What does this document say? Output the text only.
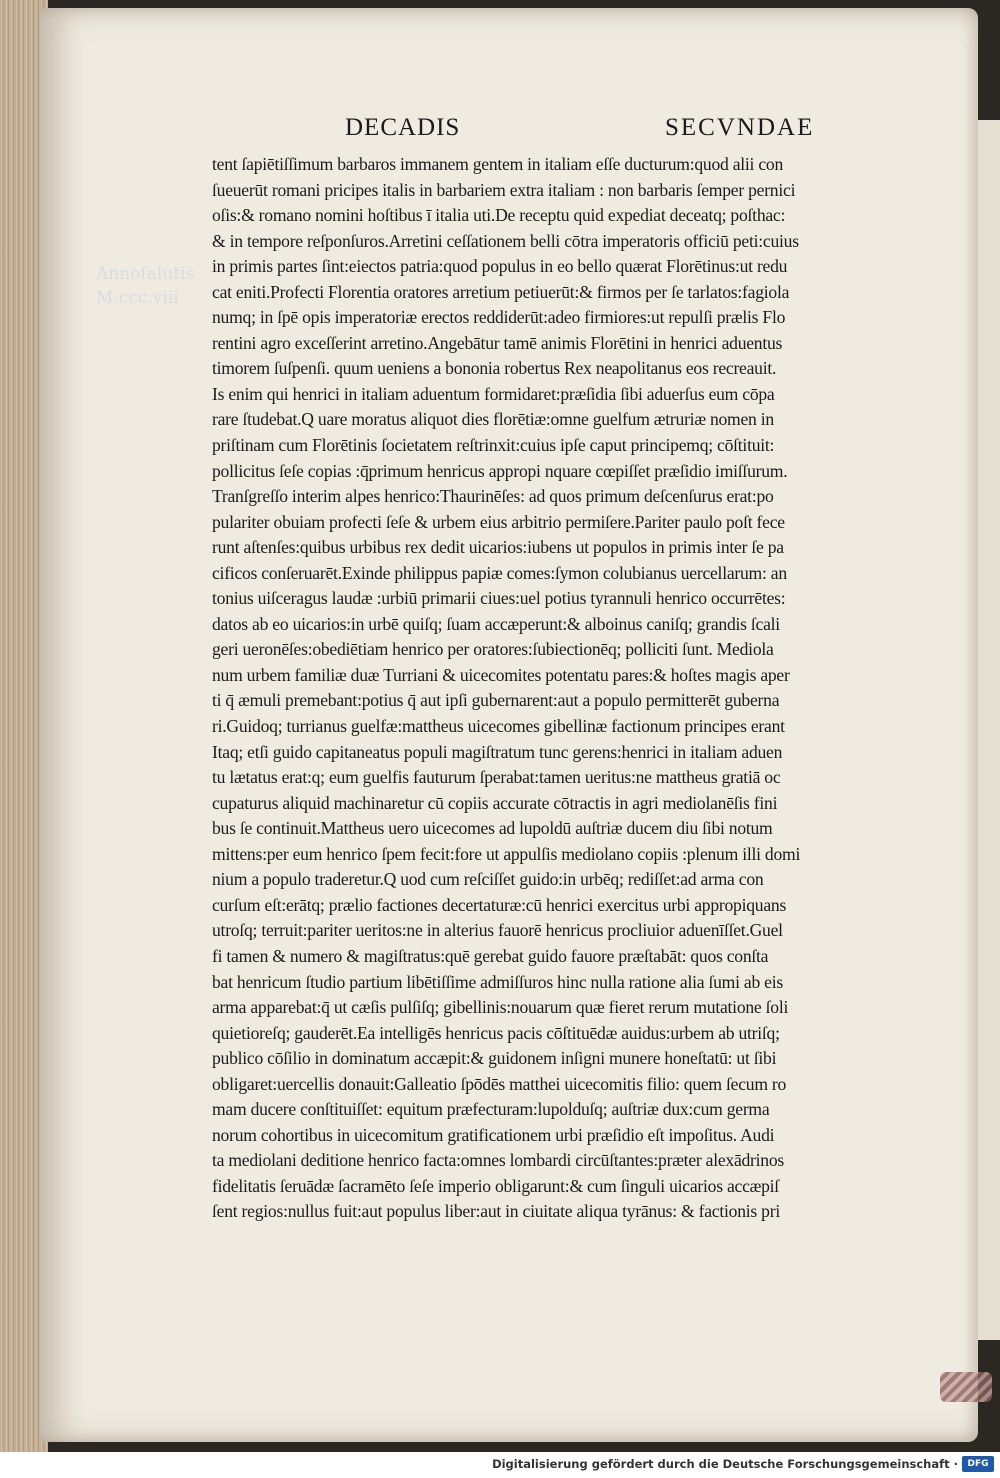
Annoſalutis
M.ccc.viii
DECADIS	SECVNDAE
tent ſapiētiſſimum barbaros immanem gentem in italiam eſſe ducturum:quod alii con
ſueuerūt romani pricipes italis in barbariem extra italiam : non barbaris ſemper pernici
oſis:& romano nomini hoſtibus ī italia uti.De receptu quid expediat deceatq; poſthac:
& in tempore reſponſuros.Arretini ceſſationem belli cōtra imperatoris officiū peti:cuius
in primis partes ſint:eiectos patria:quod populus in eo bello quærat Florētinus:ut redu
cat eniti.Profecti Florentia oratores arretium petiuerūt:& firmos per ſe tarlatos:fagiola
numq; in ſpē opis imperatoriæ erectos reddiderūt:adeo firmiores:ut repulſi prælis Flo
rentini agro exceſſerint arretino.Angebātur tamē animis Florētini in henrici aduentus
timorem ſuſpenſi. quum ueniens a bononia robertus Rex neapolitanus eos recreauit.
Is enim qui henrici in italiam aduentum formidaret:præſidia ſibi aduerſus eum cōpa
rare ſtudebat.Q uare moratus aliquot dies florētiæ:omne guelfum ætruriæ nomen in
priſtinam cum Florētinis ſocietatem reſtrinxit:cuius ipſe caput principemq; cōſtituit:
pollicitus ſeſe copias :q̄primum henricus appropi nquare cœpiſſet præſidio imiſſurum.
Tranſgreſſo interim alpes henrico:Thaurinēſes: ad quos primum deſcenſurus erat:po
pulariter obuiam profecti ſeſe & urbem eius arbitrio permiſere.Pariter paulo poſt fece
runt aſtenſes:quibus urbibus rex dedit uicarios:iubens ut populos in primis inter ſe pa
cificos conſeruarēt.Exinde philippus papiæ comes:ſymon colubianus uercellarum: an
tonius uiſceragus laudæ :urbiū primarii ciues:uel potius tyrannuli henrico occurrētes:
datos ab eo uicarios:in urbē quiſq; ſuam accæperunt:& alboinus caniſq; grandis ſcali
geri ueronēſes:obediētiam henrico per oratores:ſubiectionēq; polliciti ſunt. Mediola
num urbem familiæ duæ Turriani & uicecomites potentatu pares:& hoſtes magis aper
ti q̄ æmuli premebant:potius q̄ aut ipſi gubernarent:aut a populo permitterēt guberna
ri.Guidoq; turrianus guelfæ:mattheus uicecomes gibellinæ factionum principes erant
Itaq; etſi guido capitaneatus populi magiſtratum tunc gerens:henrici in italiam aduen
tu lætatus erat:q; eum guelfis fauturum ſperabat:tamen ueritus:ne mattheus gratiā oc
cupaturus aliquid machinaretur cū copiis accurate cōtractis in agri mediolanēſis fini
bus ſe continuit.Mattheus uero uicecomes ad lupoldū auſtriæ ducem diu ſibi notum
mittens:per eum henrico ſpem fecit:fore ut appulſis mediolano copiis :plenum illi domi
nium a populo traderetur.Q uod cum reſciſſet guido:in urbēq; rediſſet:ad arma con
curſum eſt:erātq; prælio factiones decertaturæ:cū henrici exercitus urbi appropiquans
utroſq; terruit:pariter ueritos:ne in alterius fauorē henricus procliuior aduenīſſet.Guel
fi tamen & numero & magiſtratus:quē gerebat guido fauore præſtabāt: quos conſta
bat henricum ſtudio partium libētiſſime admiſſuros hinc nulla ratione alia ſumi ab eis
arma apparebat:q̄ ut cæſis pulſiſq; gibellinis:nouarum quæ fieret rerum mutatione ſoli
quietioreſq; gauderēt.Ea intelligēs henricus pacis cōſtituēdæ auidus:urbem ab utriſq;
publico cōſilio in dominatum accæpit:& guidonem inſigni munere honeſtatū: ut ſibi
obligaret:uercellis donauit:Galleatio ſpōdēs matthei uicecomitis filio: quem ſecum ro
mam ducere conſtituiſſet: equitum præfecturam:lupolduſq; auſtriæ dux:cum germa
norum cohortibus in uicecomitum gratificationem urbi præſidio eſt impoſitus. Audi
ta mediolani deditione henrico facta:omnes lombardi circūſtantes:præter alexādrinos
fidelitatis ſeruādæ ſacramēto ſeſe imperio obligarunt:& cum ſinguli uicarios accæpiſ
ſent regios:nullus fuit:aut populus liber:aut in ciuitate aliqua tyrānus: & factionis pri
Digitalisierung gefördert durch die Deutsche Forschungsgemeinschaft ·	DFG
